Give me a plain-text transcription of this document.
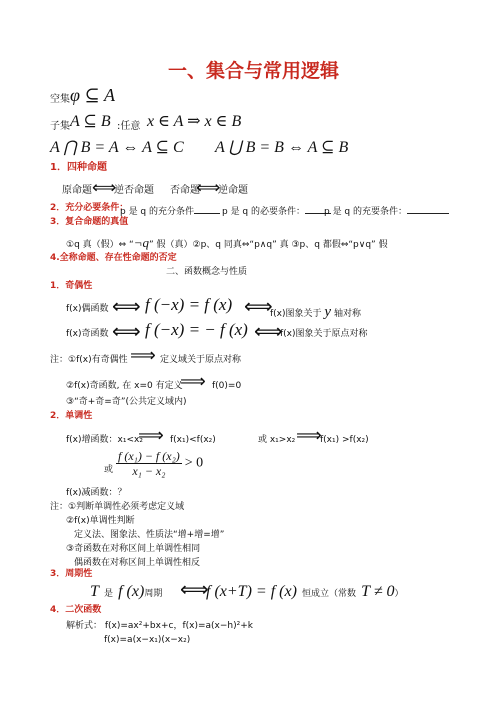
一、集合与常用逻辑
空集 φ ⊆ A
子集 A ⊆ B :任意 x ∈ A ⇒ x ∈ B
A ⋂ B = A ⇔ A ⊆ C A ⋃ B = B ⇔ A ⊆ B
1．四种命题
原命题 ⟺
逆否命题 否命题
⟺
逆命题
2．充分必要条件：
p 是 q 的充分条件	p 是 q 的必要条件：	p 是 q 的充要条件：
3．复合命题的真值
①q 真（假）⇔ “¬q” 假（真）②p、q 同真⇔“p∧q” 真 ③p、q 都假⇔“p∨q” 假
4.全称命题、存在性命题的否定
二、函数概念与性质
1．奇偶性
f(x)偶函数 ⟺ f (−x) = f (x) ⟺
f(x)图象关于 y 轴对称
f(x)奇函数 ⟺ f (−x) = − f (x) ⟺
f(x)图象关于原点对称
注：①f(x)有奇偶性 ⟹ 定义域关于原点对称
②f(x)奇函数, 在 x=0 有定义
⟹ f(0)=0
③“奇+奇=奇”(公共定义域内)
2．单调性
f(x)增函数：x₁<x₂
⟹ f(x₁)<f(x₂)	或 x₁>x₂ ⟹
f(x₁) >f(x₂)
或 $\frac{\text{f (x₁) − f (x₂)}}{\text{x₁ − x₂}} > 0$
f(x)减函数：？
注：①判断单调性必须考虑定义域
②f(x)单调性判断
定义法、图象法、性质法“增+增=增”
③奇函数在对称区间上单调性相同
偶函数在对称区间上单调性相反
3．周期性
T 是 f (x)周期 ⟺
f (x+T) = f (x) 恒成立（常数 T ≠ 0）
4．二次函数
解析式： f(x)=ax²+bx+c，f(x)=a(x−h)²+k
f(x)=a(x−x₁)(x−x₂)
